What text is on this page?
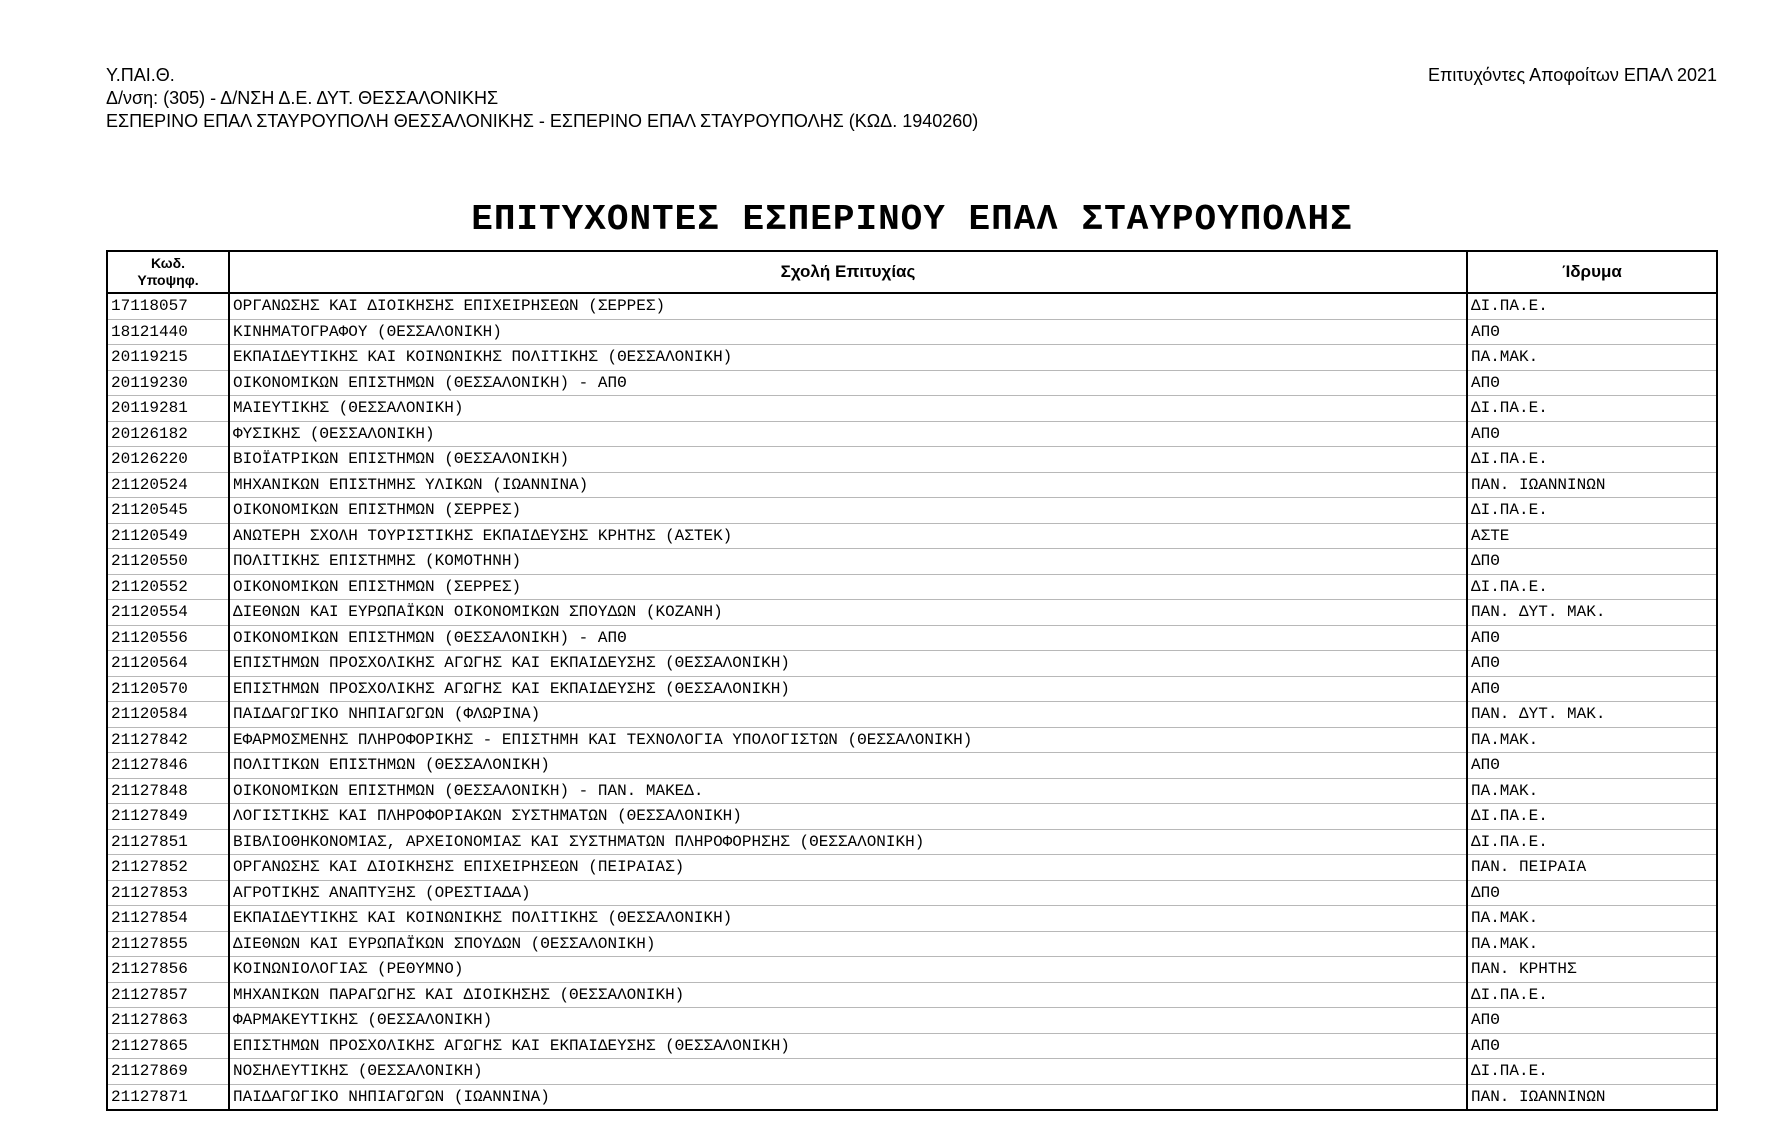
Υ.ΠΑΙ.Θ.
Δ/νση: (305) - Δ/ΝΣΗ Δ.Ε. ΔΥΤ. ΘΕΣΣΑΛΟΝΙΚΗΣ
ΕΣΠΕΡΙΝΟ ΕΠΑΛ ΣΤΑΥΡΟΥΠΟΛΗ ΘΕΣΣΑΛΟΝΙΚΗΣ - ΕΣΠΕΡΙΝΟ ΕΠΑΛ ΣΤΑΥΡΟΥΠΟΛΗΣ (ΚΩΔ. 1940260)
Επιτυχόντες Αποφοίτων ΕΠΑΛ 2021
ΕΠΙΤΥΧΟΝΤΕΣ ΕΣΠΕΡΙΝΟΥ ΕΠΑΛ ΣΤΑΥΡΟΥΠΟΛΗΣ
Κωδ.
Υποψηφ.	Σχολή Επιτυχίας	Ίδρυμα
17118057	ΟΡΓΑΝΩΣΗΣ ΚΑΙ ΔΙΟΙΚΗΣΗΣ ΕΠΙΧΕΙΡΗΣΕΩΝ (ΣΕΡΡΕΣ)	ΔΙ.ΠΑ.Ε.
18121440	ΚΙΝΗΜΑΤΟΓΡΑΦΟΥ (ΘΕΣΣΑΛΟΝΙΚΗ)	ΑΠΘ
20119215	ΕΚΠΑΙΔΕΥΤΙΚΗΣ ΚΑΙ ΚΟΙΝΩΝΙΚΗΣ ΠΟΛΙΤΙΚΗΣ (ΘΕΣΣΑΛΟΝΙΚΗ)	ΠΑ.ΜΑΚ.
20119230	ΟΙΚΟΝΟΜΙΚΩΝ ΕΠΙΣΤΗΜΩΝ (ΘΕΣΣΑΛΟΝΙΚΗ) - ΑΠΘ	ΑΠΘ
20119281	ΜΑΙΕΥΤΙΚΗΣ (ΘΕΣΣΑΛΟΝΙΚΗ)	ΔΙ.ΠΑ.Ε.
20126182	ΦΥΣΙΚΗΣ (ΘΕΣΣΑΛΟΝΙΚΗ)	ΑΠΘ
20126220	ΒΙΟΪΑΤΡΙΚΩΝ ΕΠΙΣΤΗΜΩΝ (ΘΕΣΣΑΛΟΝΙΚΗ)	ΔΙ.ΠΑ.Ε.
21120524	ΜΗΧΑΝΙΚΩΝ ΕΠΙΣΤΗΜΗΣ ΥΛΙΚΩΝ (ΙΩΑΝΝΙΝΑ)	ΠΑΝ. ΙΩΑΝΝΙΝΩΝ
21120545	ΟΙΚΟΝΟΜΙΚΩΝ ΕΠΙΣΤΗΜΩΝ (ΣΕΡΡΕΣ)	ΔΙ.ΠΑ.Ε.
21120549	ΑΝΩΤΕΡΗ ΣΧΟΛΗ ΤΟΥΡΙΣΤΙΚΗΣ ΕΚΠΑΙΔΕΥΣΗΣ ΚΡΗΤΗΣ (ΑΣΤΕΚ)	ΑΣΤΕ
21120550	ΠΟΛΙΤΙΚΗΣ ΕΠΙΣΤΗΜΗΣ (ΚΟΜΟΤΗΝΗ)	ΔΠΘ
21120552	ΟΙΚΟΝΟΜΙΚΩΝ ΕΠΙΣΤΗΜΩΝ (ΣΕΡΡΕΣ)	ΔΙ.ΠΑ.Ε.
21120554	ΔΙΕΘΝΩΝ ΚΑΙ ΕΥΡΩΠΑΪΚΩΝ ΟΙΚΟΝΟΜΙΚΩΝ ΣΠΟΥΔΩΝ (ΚΟΖΑΝΗ)	ΠΑΝ. ΔΥΤ. ΜΑΚ.
21120556	ΟΙΚΟΝΟΜΙΚΩΝ ΕΠΙΣΤΗΜΩΝ (ΘΕΣΣΑΛΟΝΙΚΗ) - ΑΠΘ	ΑΠΘ
21120564	ΕΠΙΣΤΗΜΩΝ ΠΡΟΣΧΟΛΙΚΗΣ ΑΓΩΓΗΣ ΚΑΙ ΕΚΠΑΙΔΕΥΣΗΣ (ΘΕΣΣΑΛΟΝΙΚΗ)	ΑΠΘ
21120570	ΕΠΙΣΤΗΜΩΝ ΠΡΟΣΧΟΛΙΚΗΣ ΑΓΩΓΗΣ ΚΑΙ ΕΚΠΑΙΔΕΥΣΗΣ (ΘΕΣΣΑΛΟΝΙΚΗ)	ΑΠΘ
21120584	ΠΑΙΔΑΓΩΓΙΚΟ ΝΗΠΙΑΓΩΓΩΝ (ΦΛΩΡΙΝΑ)	ΠΑΝ. ΔΥΤ. ΜΑΚ.
21127842	ΕΦΑΡΜΟΣΜΕΝΗΣ ΠΛΗΡΟΦΟΡΙΚΗΣ - ΕΠΙΣΤΗΜΗ ΚΑΙ ΤΕΧΝΟΛΟΓΙΑ ΥΠΟΛΟΓΙΣΤΩΝ (ΘΕΣΣΑΛΟΝΙΚΗ)	ΠΑ.ΜΑΚ.
21127846	ΠΟΛΙΤΙΚΩΝ ΕΠΙΣΤΗΜΩΝ (ΘΕΣΣΑΛΟΝΙΚΗ)	ΑΠΘ
21127848	ΟΙΚΟΝΟΜΙΚΩΝ ΕΠΙΣΤΗΜΩΝ (ΘΕΣΣΑΛΟΝΙΚΗ) - ΠΑΝ. ΜΑΚΕΔ.	ΠΑ.ΜΑΚ.
21127849	ΛΟΓΙΣΤΙΚΗΣ ΚΑΙ ΠΛΗΡΟΦΟΡΙΑΚΩΝ ΣΥΣΤΗΜΑΤΩΝ (ΘΕΣΣΑΛΟΝΙΚΗ)	ΔΙ.ΠΑ.Ε.
21127851	ΒΙΒΛΙΟΘΗΚΟΝΟΜΙΑΣ, ΑΡΧΕΙΟΝΟΜΙΑΣ ΚΑΙ ΣΥΣΤΗΜΑΤΩΝ ΠΛΗΡΟΦΟΡΗΣΗΣ (ΘΕΣΣΑΛΟΝΙΚΗ)	ΔΙ.ΠΑ.Ε.
21127852	ΟΡΓΑΝΩΣΗΣ ΚΑΙ ΔΙΟΙΚΗΣΗΣ ΕΠΙΧΕΙΡΗΣΕΩΝ (ΠΕΙΡΑΙΑΣ)	ΠΑΝ. ΠΕΙΡΑΙΑ
21127853	ΑΓΡΟΤΙΚΗΣ ΑΝΑΠΤΥΞΗΣ (ΟΡΕΣΤΙΑΔΑ)	ΔΠΘ
21127854	ΕΚΠΑΙΔΕΥΤΙΚΗΣ ΚΑΙ ΚΟΙΝΩΝΙΚΗΣ ΠΟΛΙΤΙΚΗΣ (ΘΕΣΣΑΛΟΝΙΚΗ)	ΠΑ.ΜΑΚ.
21127855	ΔΙΕΘΝΩΝ ΚΑΙ ΕΥΡΩΠΑΪΚΩΝ ΣΠΟΥΔΩΝ (ΘΕΣΣΑΛΟΝΙΚΗ)	ΠΑ.ΜΑΚ.
21127856	ΚΟΙΝΩΝΙΟΛΟΓΙΑΣ (ΡΕΘΥΜΝΟ)	ΠΑΝ. ΚΡΗΤΗΣ
21127857	ΜΗΧΑΝΙΚΩΝ ΠΑΡΑΓΩΓΗΣ ΚΑΙ ΔΙΟΙΚΗΣΗΣ (ΘΕΣΣΑΛΟΝΙΚΗ)	ΔΙ.ΠΑ.Ε.
21127863	ΦΑΡΜΑΚΕΥΤΙΚΗΣ (ΘΕΣΣΑΛΟΝΙΚΗ)	ΑΠΘ
21127865	ΕΠΙΣΤΗΜΩΝ ΠΡΟΣΧΟΛΙΚΗΣ ΑΓΩΓΗΣ ΚΑΙ ΕΚΠΑΙΔΕΥΣΗΣ (ΘΕΣΣΑΛΟΝΙΚΗ)	ΑΠΘ
21127869	ΝΟΣΗΛΕΥΤΙΚΗΣ (ΘΕΣΣΑΛΟΝΙΚΗ)	ΔΙ.ΠΑ.Ε.
21127871	ΠΑΙΔΑΓΩΓΙΚΟ ΝΗΠΙΑΓΩΓΩΝ (ΙΩΑΝΝΙΝΑ)	ΠΑΝ. ΙΩΑΝΝΙΝΩΝ
